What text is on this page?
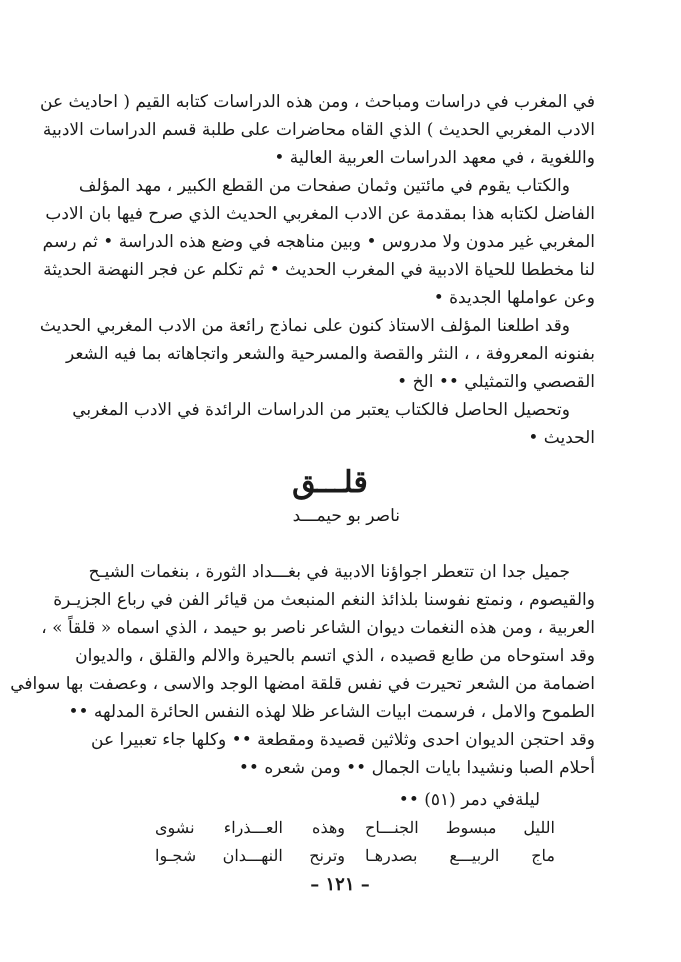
في المغرب في دراسات ومباحث ، ومن هذه الدراسات كتابه القيم ( احاديث عن
الادب المغربي الحديث ) الذي القاه محاضرات على طلبة قسم الدراسات الادبية
واللغوية ، في معهد الدراسات العربية العالية •
والكتاب يقوم في مائتين وثمان صفحات من القطع الكبير ، مهد المؤلف
الفاضل لكتابه هذا بمقدمة عن الادب المغربي الحديث الذي صرح فيها بان الادب
المغربي غير مدون ولا مدروس • وبين مناهجه في وضع هذه الدراسة • ثم رسم
لنا مخططا للحياة الادبية في المغرب الحديث • ثم تكلم عن فجر النهضة الحديثة
وعن عواملها الجديدة •
وقد اطلعنا المؤلف الاستاذ كنون على نماذج رائعة من الادب المغربي الحديث
بفنونه المعروفة ، ، النثر والقصة والمسرحية والشعر واتجاهاته بما فيه الشعر
القصصي والتمثيلي •• الخ •
وتحصيل الحاصل فالكتاب يعتبر من الدراسات الرائدة في الادب المغربي
الحديث •
قلـــق
ناصر بو حيمـــد
جميل جدا ان تتعطر اجواؤنا الادبية في بغـــداد الثورة ، بنغمات الشيـح
والقيصوم ، ونمتع نفوسنا بلذائذ النغم المنبعث من قيائر الفن في رباع الجزيـرة
العربية ، ومن هذه النغمات ديوان الشاعر ناصر بو حيمد ، الذي اسماه « قلقاً » ،
وقد استوحاه من طابع قصيده ، الذي اتسم بالحيرة والالم والقلق ، والديوان
اضمامة من الشعر تحيرت في نفس قلقة امضها الوجد والاسى ، وعصفت بها سوافي
الطموح والامل ، فرسمت ابيات الشاعر ظلا لهذه النفس الحائرة المدلهه ••
وقد احتجن الديوان احدى وثلاثين قصيدة ومقطعة •• وكلها جاء تعبيرا عن
أحلام الصبا ونشيدا بايات الجمال •• ومن شعره ••
ليلةفي دمر (٥١) ••
الليل مبسوط الجنـــاح وهذه العـــذراء نشوى
ماج الربيـــع بصدرهـا وترنح النهـــدان شجـوا
– ١٢١ –
